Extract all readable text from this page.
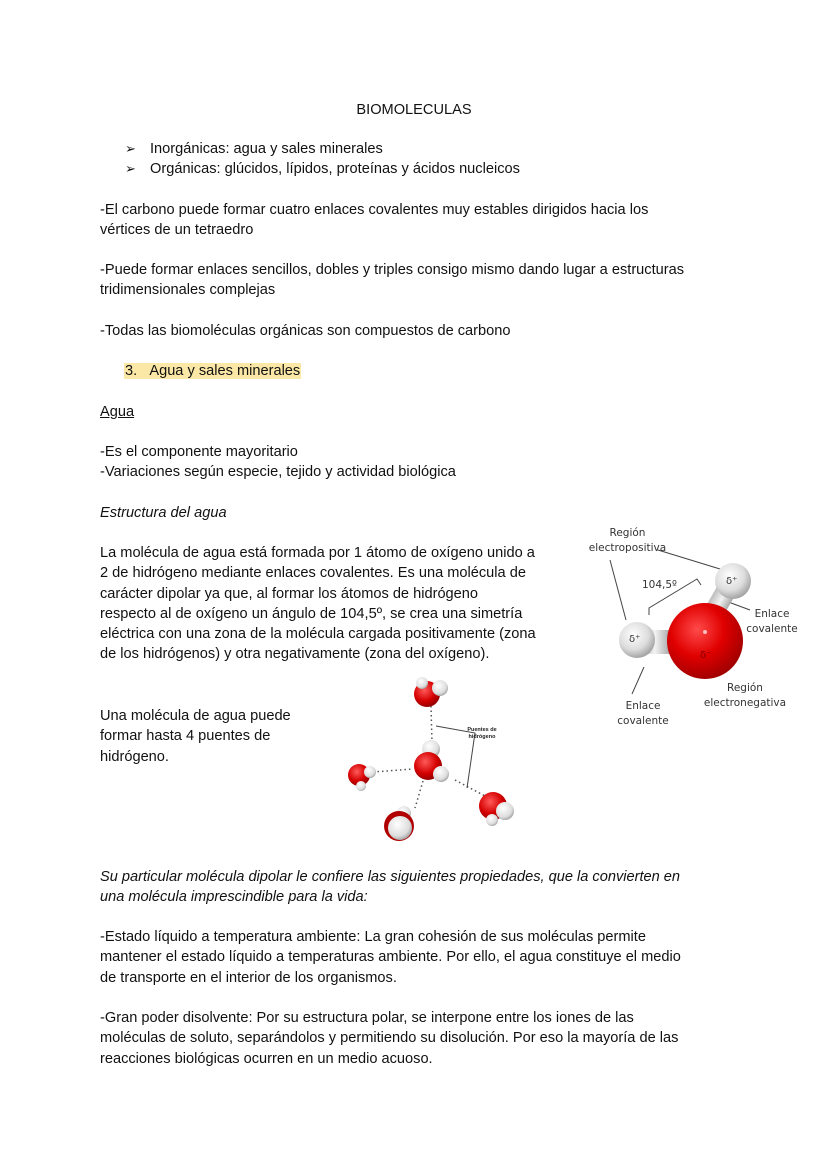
BIOMOLECULAS
➢ Inorgánicas: agua y sales minerales
➢ Orgánicas: glúcidos, lípidos, proteínas y ácidos nucleicos
-El carbono puede formar cuatro enlaces covalentes muy estables dirigidos hacia los
vértices de un tetraedro
-Puede formar enlaces sencillos, dobles y triples consigo mismo dando lugar a estructuras
tridimensionales complejas
-Todas las biomoléculas orgánicas son compuestos de carbono
3. Agua y sales minerales
Agua
-Es el componente mayoritario
-Variaciones según especie, tejido y actividad biológica
Estructura del agua
La molécula de agua está formada por 1 átomo de oxígeno unido a
2 de hidrógeno mediante enlaces covalentes. Es una molécula de
carácter dipolar ya que, al formar los átomos de hidrógeno
respecto al de oxígeno un ángulo de 104,5º, se crea una simetría
eléctrica con una zona de la molécula cargada positivamente (zona
de los hidrógenos) y otra negativamente (zona del oxígeno).
Región
electropositiva
104,5º	δ⁺
δ⁺
δ⁻
Enlace
covalente
Enlace
covalente
Región
electronegativa
Una molécula de agua puede
formar hasta 4 puentes de
hidrógeno.
Puentes de
hidrógeno
Su particular molécula dipolar le confiere las siguientes propiedades, que la convierten en
una molécula imprescindible para la vida:
-Estado líquido a temperatura ambiente: La gran cohesión de sus moléculas permite
mantener el estado líquido a temperaturas ambiente. Por ello, el agua constituye el medio
de transporte en el interior de los organismos.
-Gran poder disolvente: Por su estructura polar, se interpone entre los iones de las
moléculas de soluto, separándolos y permitiendo su disolución. Por eso la mayoría de las
reacciones biológicas ocurren en un medio acuoso.
